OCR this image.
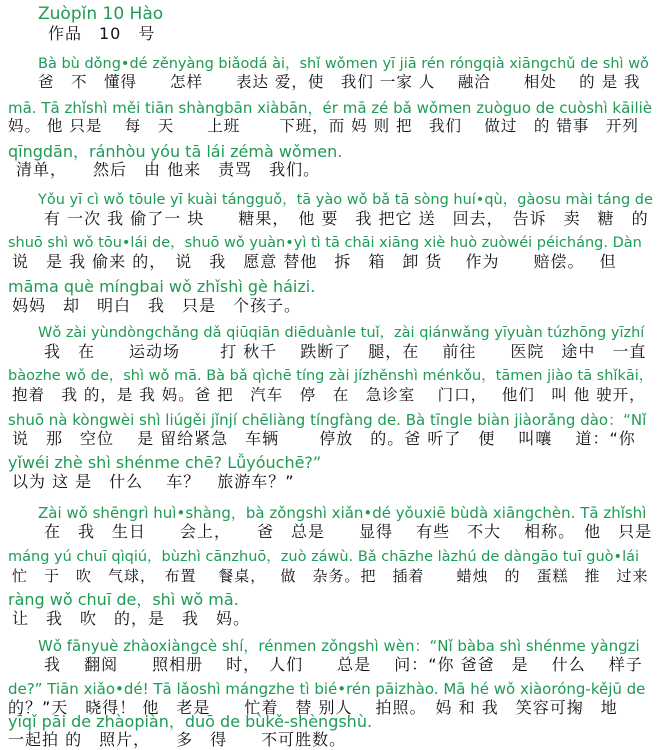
Zuòpǐn 10 Hào
作品　10　号
Bà bù dǒng•dé zěnyàng biǎodá ài，shǐ wǒmen yī jiā rén róngqià xiāngchǔ de shì wǒ
爸　不　懂得　　怎样　　表达 爱，使　我们 一家 人　 融洽　　相处　 的 是 我
mā. Tā zhǐshì měi tiān shàngbān xiàbān，ér mā zé bǎ wǒmen zuòguo de cuòshì kāiliè
妈。 他 只是　 每　天　　上班　　 下班，而 妈 则 把　我们　 做过　的 错事　开列
qīngdān，ránhòu yóu tā lái zémà wǒmen.
清单，　　然后　由 他来　责骂　我们。
Yǒu yī cì wǒ tōule yī kuài tángguǒ，tā yào wǒ bǎ tā sòng huí•qù，gàosu mài táng de
有 一次 我 偷了一 块　　糖果，　他 要　我 把它 送　回去，　告诉　卖　糖　的
shuō shì wǒ tōu•lái de，shuō wǒ yuàn•yì tì tā chāi xiāng xiè huò zuòwéi péicháng. Dàn
说　是 我 偷来 的，　说　我　愿意 替他　拆　箱　卸 货　 作为　　赔偿。　 但
māma què míngbai wǒ zhǐshì gè háizi.
妈妈　却　明白　我　只是　个孩子。
Wǒ zài yùndòngchǎng dǎ qiūqiān diēduànle tuǐ，zài qiánwǎng yīyuàn túzhōng yīzhí
我　在　　运动场　　 打 秋千　 跌断了　腿，在　 前往　　医院　途中　一直
bàozhe wǒ de，shì wǒ mā. Bà bǎ qìchē tíng zài jízhěnshì ménkǒu，tāmen jiào tā shǐkāi，
抱着　我 的，是 我 妈。爸 把　汽车　停　在　急诊室　 门口，　 他们　叫 他 驶开，
shuō nà kòngwèi shì liúgěi jǐnjí chēliàng tíngfàng de. Bà tīngle biàn jiàorǎng dào：“Nǐ
说　那　空位　 是 留给紧急　车辆　　 停放　的。爸 听了　便　 叫嚷　 道：“你
yǐwéi zhè shì shénme chē? Lǚyóuchē?”
以为 这 是　什么　 车？　旅游车？”
Zài wǒ shēngrì huì•shàng，bà zǒngshì xiǎn•dé yǒuxiē bùdà xiāngchèn. Tā zhǐshì
在　我　生日　　会上，　　爸　总是　　显得　 有些　不大　 相称。　他　只是
máng yú chuī qìqiú，bùzhì cānzhuō，zuò záwù. Bǎ chāzhe làzhú de dàngāo tuī guò•lái
忙　于　吹　气球，　布置　 餐桌，　 做　杂务。把　插着　　蜡烛　的　蛋糕　推　过来
ràng wǒ chuī de，shì wǒ mā.
让　我　吹　的，是　我　妈。
Wǒ fānyuè zhàoxiàngcè shí，rénmen zǒngshì wèn：“Nǐ bàba shì shénme yàngzi
我　 翻阅　　照相册　 时，　人们　　总是　 问：“你 爸爸　是　 什么　 样子
de?” Tiān xiǎo•dé! Tā lǎoshì mángzhe tì bié•rén pāizhào. Mā hé wǒ xiàoróng-kějū de
的？”天　晓得！ 他　老是　　忙着　替 别人　 拍照。　妈 和 我　笑容可掬　地
yīqǐ pāi de zhàopiàn，duō de bùkě-shèngshù.
一起拍 的　照片，　　多　得　　不可胜数。
